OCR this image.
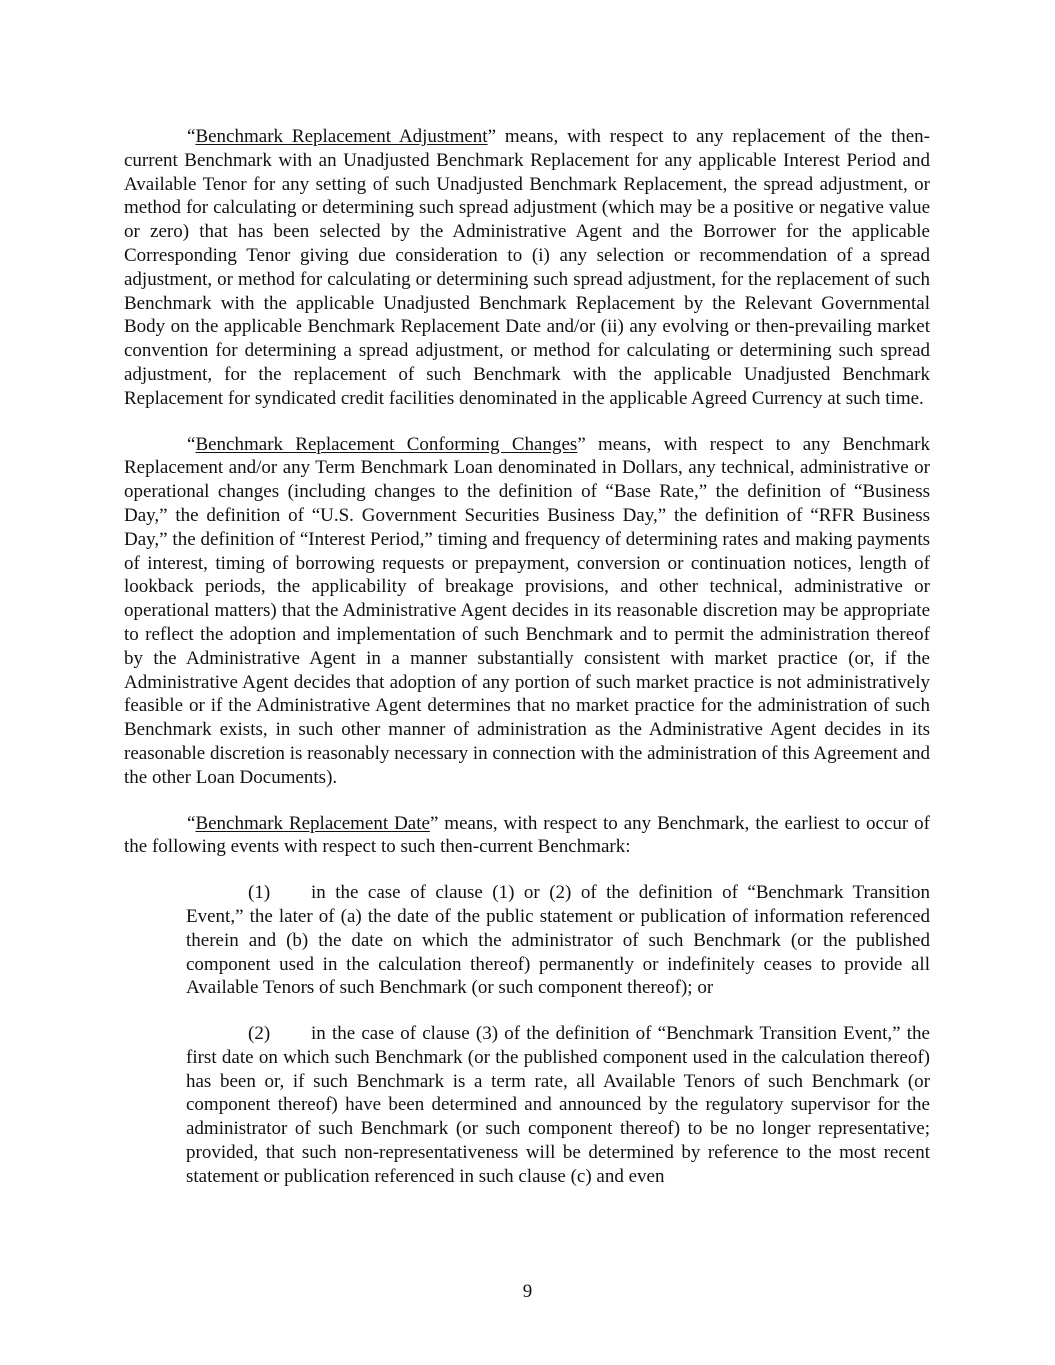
“Benchmark Replacement Adjustment” means, with respect to any replacement of the then-current Benchmark with an Unadjusted Benchmark Replacement for any applicable Interest Period and Available Tenor for any setting of such Unadjusted Benchmark Replacement, the spread adjustment, or method for calculating or determining such spread adjustment (which may be a positive or negative value or zero) that has been selected by the Administrative Agent and the Borrower for the applicable Corresponding Tenor giving due consideration to (i) any selection or recommendation of a spread adjustment, or method for calculating or determining such spread adjustment, for the replacement of such Benchmark with the applicable Unadjusted Benchmark Replacement by the Relevant Governmental Body on the applicable Benchmark Replacement Date and/or (ii) any evolving or then-prevailing market convention for determining a spread adjustment, or method for calculating or determining such spread adjustment, for the replacement of such Benchmark with the applicable Unadjusted Benchmark Replacement for syndicated credit facilities denominated in the applicable Agreed Currency at such time.

“Benchmark Replacement Conforming Changes” means, with respect to any Benchmark Replacement and/or any Term Benchmark Loan denominated in Dollars, any technical, administrative or operational changes (including changes to the definition of “Base Rate,” the definition of “Business Day,” the definition of “U.S. Government Securities Business Day,” the definition of “RFR Business Day,” the definition of “Interest Period,” timing and frequency of determining rates and making payments of interest, timing of borrowing requests or prepayment, conversion or continuation notices, length of lookback periods, the applicability of breakage provisions, and other technical, administrative or operational matters) that the Administrative Agent decides in its reasonable discretion may be appropriate to reflect the adoption and implementation of such Benchmark and to permit the administration thereof by the Administrative Agent in a manner substantially consistent with market practice (or, if the Administrative Agent decides that adoption of any portion of such market practice is not administratively feasible or if the Administrative Agent determines that no market practice for the administration of such Benchmark exists, in such other manner of administration as the Administrative Agent decides in its reasonable discretion is reasonably necessary in connection with the administration of this Agreement and the other Loan Documents).

“Benchmark Replacement Date” means, with respect to any Benchmark, the earliest to occur of the following events with respect to such then-current Benchmark:

(1) in the case of clause (1) or (2) of the definition of “Benchmark Transition Event,” the later of (a) the date of the public statement or publication of information referenced therein and (b) the date on which the administrator of such Benchmark (or the published component used in the calculation thereof) permanently or indefinitely ceases to provide all Available Tenors of such Benchmark (or such component thereof); or

(2) in the case of clause (3) of the definition of “Benchmark Transition Event,” the first date on which such Benchmark (or the published component used in the calculation thereof) has been or, if such Benchmark is a term rate, all Available Tenors of such Benchmark (or component thereof) have been determined and announced by the regulatory supervisor for the administrator of such Benchmark (or such component thereof) to be no longer representative; provided, that such non-representativeness will be determined by reference to the most recent statement or publication referenced in such clause (c) and even

9
